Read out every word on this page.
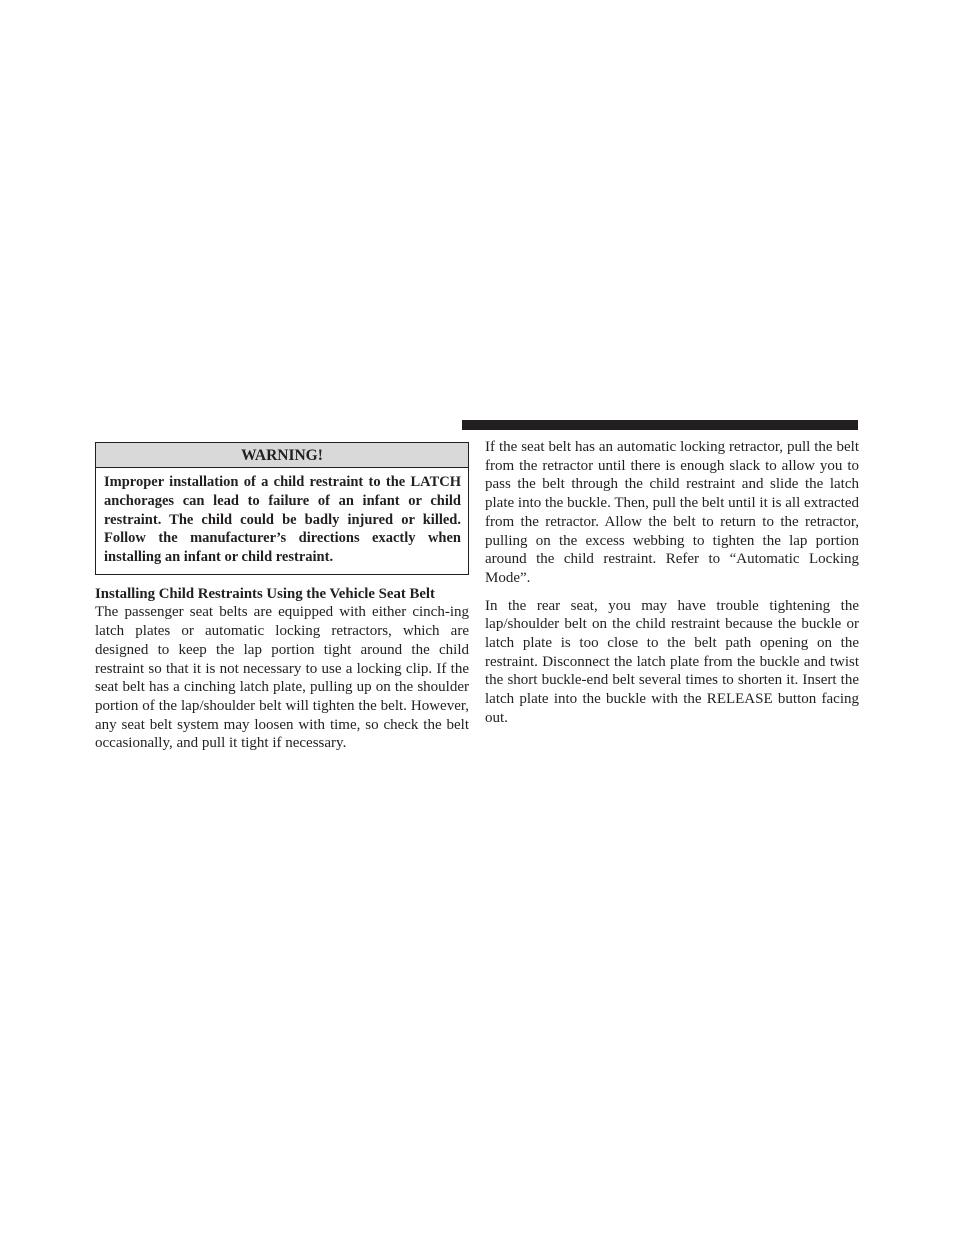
WARNING!
Improper installation of a child restraint to the LATCH anchorages can lead to failure of an infant or child restraint. The child could be badly injured or killed. Follow the manufacturer’s directions exactly when installing an infant or child restraint.
Installing Child Restraints Using the Vehicle Seat Belt

The passenger seat belts are equipped with either cinch-ing latch plates or automatic locking retractors, which are designed to keep the lap portion tight around the child restraint so that it is not necessary to use a locking clip. If the seat belt has a cinching latch plate, pulling up on the shoulder portion of the lap/shoulder belt will tighten the belt. However, any seat belt system may loosen with time, so check the belt occasionally, and pull it tight if necessary.

If the seat belt has an automatic locking retractor, pull the belt from the retractor until there is enough slack to allow you to pass the belt through the child restraint and slide the latch plate into the buckle. Then, pull the belt until it is all extracted from the retractor. Allow the belt to return to the retractor, pulling on the excess webbing to tighten the lap portion around the child restraint. Refer to “Automatic Locking Mode”.

In the rear seat, you may have trouble tightening the lap/shoulder belt on the child restraint because the buckle or latch plate is too close to the belt path opening on the restraint. Disconnect the latch plate from the buckle and twist the short buckle-end belt several times to shorten it. Insert the latch plate into the buckle with the RELEASE button facing out.
